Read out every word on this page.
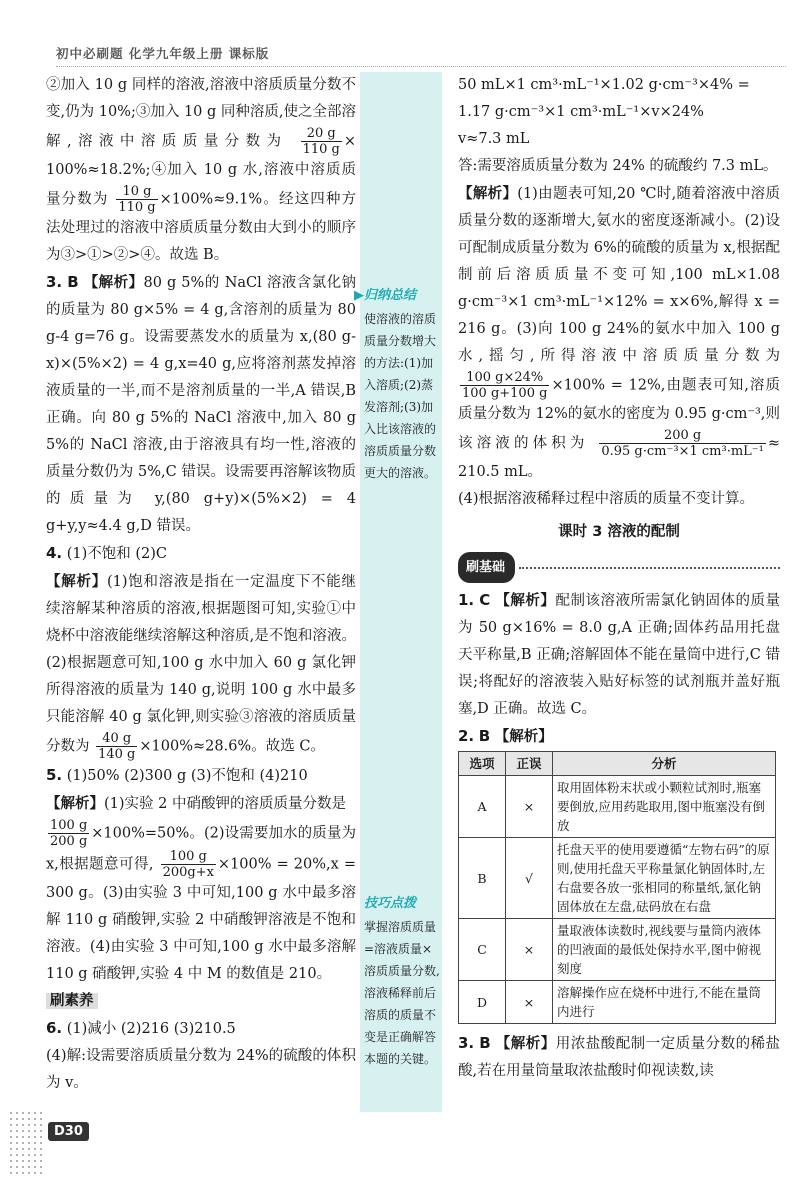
初中必刷题 化学九年级上册 课标版

②加入 10 g 同样的溶液,溶液中溶质质量分数不变,仍为 10%;③加入 10 g 同种溶质,使之全部溶解,溶液中溶质质量分数为 $\frac{20 g}{110 g}$ × 100%≈18.2%;④加入 10 g 水,溶液中溶质质量分数为 $\frac{10 g}{110 g} \times 100\%\approx 9.1\%$。经这四种方法处理过的溶液中溶质质量分数由大到小的顺序为③>①>②>④。故选 B。

3. B 【解析】80 g 5%的 NaCl 溶液含氯化钠的质量为 80 g×5% = 4 g,含溶剂的质量为 80 g-4 g=76 g。设需要蒸发水的质量为 x,(80 g-x)×(5%×2) = 4 g,x=40 g,应将溶剂蒸发掉溶液质量的一半,而不是溶剂质量的一半,A 错误,B 正确。向 80 g 5%的 NaCl 溶液中,加入 80 g 5%的 NaCl 溶液,由于溶液具有均一性,溶液的质量分数仍为 5%,C 错误。设需要再溶解该物质的质量为 y,(80 g+y)×(5%×2) = 4 g+y,y≈4.4 g,D 错误。

4. (1)不饱和 (2)C
【解析】(1)饱和溶液是指在一定温度下不能继续溶解某种溶质的溶液,根据题图可知,实验①中烧杯中溶液能继续溶解这种溶质,是不饱和溶液。(2)根据题意可知,100 g 水中加入 60 g 氯化钾所得溶液的质量为 140 g,说明 100 g 水中最多只能溶解 40 g 氯化钾,则实验③溶液的溶质质量分数为 $\frac{40 g}{140 g} \times 100\%\approx 28.6\%$。故选 C。

5. (1)50% (2)300 g (3)不饱和 (4)210
【解析】(1)实验 2 中硝酸钾的溶质质量分数是

$\frac{100 g}{200 g} \times 100\%=50\%$。(2)设需要加水的质量为 x,根据题意可得, $\frac{100 g}{200g+x} \times 100\% = 20\%,x = 300$ g。(3)由实验 3 中可知,100 g 水中最多溶解 110 g 硝酸钾,实验 2 中硝酸钾溶液是不饱和溶液。(4)由实验 3 中可知,100 g 水中最多溶解 110 g 硝酸钾,实验 4 中 M 的数值是 210。

刷素养

6. (1)减小 (2)216 (3)210.5
(4)解:设需要溶质质量分数为 24%的硫酸的体积为 v。

▶归纳总结
使溶液的溶质质量分数增大的方法:(1)加入溶质;(2)蒸发溶剂;(3)加入比该溶液的溶质质量分数更大的溶液。
技巧点拨
掌握溶质质量=溶液质量×溶质质量分数,溶液稀释前后溶质的质量不变是正确解答本题的关键。

50 mL×1 cm³·mL⁻¹×1.02 g·cm⁻³×4% =

1.17 g·cm⁻³×1 cm³·mL⁻¹×v×24%

v≈7.3 mL

答:需要溶质质量分数为 24% 的硫酸约 7.3 mL。

【解析】(1)由题表可知,20 ℃时,随着溶液中溶质质量分数的逐渐增大,氨水的密度逐渐减小。(2)设可配制成质量分数为 6%的硫酸的质量为 x,根据配制前后溶质质量不变可知,100 mL×1.08 g·cm⁻³×1 cm³·mL⁻¹×12% = x×6%,解得 x = 216 g。(3)向 100 g 24%的氨水中加入 100 g 水,摇匀,所得溶液中溶质质量分数为
$\frac{100 g\times 24\%}{100 g+100 g} \times 100\% = 12\%$,由题表可知,溶质质量分数为 12%的氨水的密度为 0.95 g·cm⁻³,则该溶液的体积为 $\frac{200 g}{\text{0.95 g·cm⁻³×1 cm³·mL⁻¹}} \approx 210.5$ mL。

(4)根据溶液稀释过程中溶质的质量不变计算。

课时 3 溶液的配制
刷基础

1. C 【解析】配制该溶液所需氯化钠固体的质量为 50 g×16% = 8.0 g,A 正确;固体药品用托盘天平称量,B 正确;溶解固体不能在量筒中进行,C 错误;将配好的溶液装入贴好标签的试剂瓶并盖好瓶塞,D 正确。故选 C。

2. B 【解析】

选项	正误	分析
A	×	取用固体粉末状或小颗粒试剂时,瓶塞要倒放,应用药匙取用,图中瓶塞没有倒放
B	√	托盘天平的使用要遵循“左物右码”的原则,使用托盘天平称量氯化钠固体时,左右盘要各放一张相同的称量纸,氯化钠固体放在左盘,砝码放在右盘
C	×	量取液体读数时,视线要与量筒内液体的凹液面的最低处保持水平,图中俯视刻度
D	×	溶解操作应在烧杯中进行,不能在量筒内进行

3. B 【解析】用浓盐酸配制一定质量分数的稀盐酸,若在用量筒量取浓盐酸时仰视读数,读

D30
